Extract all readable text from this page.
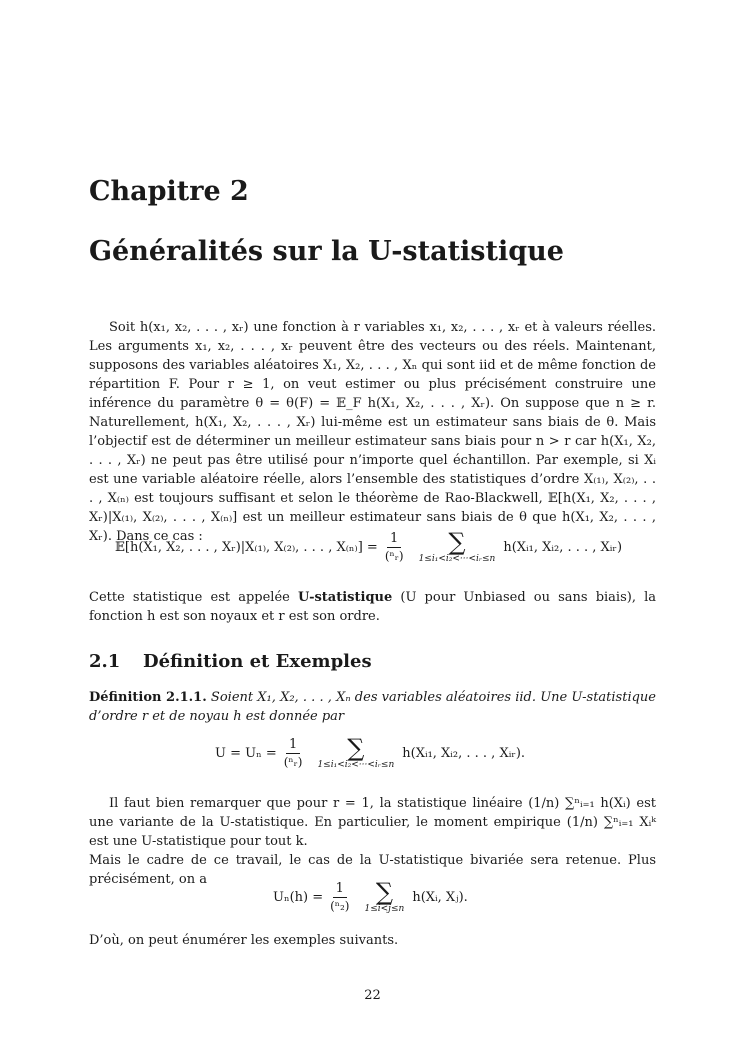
Chapitre 2
Généralités sur la U-statistique

Soit h(x₁, x₂, . . . , xᵣ) une fonction à r variables x₁, x₂, . . . , xᵣ et à valeurs réelles. Les arguments x₁, x₂, . . . , xᵣ peuvent être des vecteurs ou des réels. Maintenant, supposons des variables aléatoires X₁, X₂, . . . , Xₙ qui sont iid et de même fonction de répartition F. Pour r ≥ 1, on veut estimer ou plus précisément construire une inférence du paramètre θ = θ(F) = 𝔼_F h(X₁, X₂, . . . , Xᵣ). On suppose que n ≥ r. Naturellement, h(X₁, X₂, . . . , Xᵣ) lui-même est un estimateur sans biais de θ. Mais l’objectif est de déterminer un meilleur estimateur sans biais pour n > r car h(X₁, X₂, . . . , Xᵣ) ne peut pas être utilisé pour n’importe quel échantillon. Par exemple, si Xᵢ est une variable aléatoire réelle, alors l’ensemble des statistiques d’ordre X₍₁₎, X₍₂₎, . . . , X₍ₙ₎ est toujours suffisant et selon le théorème de Rao-Blackwell, 𝔼[h(X₁, X₂, . . . , Xᵣ)|X₍₁₎, X₍₂₎, . . . , X₍ₙ₎] est un meilleur estimateur sans biais de θ que h(X₁, X₂, . . . , Xᵣ). Dans ce cas :

𝔼[h(X₁, X₂, . . . , Xᵣ)|X₍₁₎, X₍₂₎, . . . , $X_{(n)}] = \frac{1}{\text{(ⁿᵣ)}}$ ∑
1≤i₁<i₂<···<iᵣ≤n
h(Xᵢ₁, Xᵢ₂, . . . , Xᵢᵣ)

Cette statistique est appelée U-statistique (U pour Unbiased ou sans biais), la fonction h est son noyaux et r est son ordre.

2.1 Définition et Exemples

Définition 2.1.1. Soient X₁, X₂, . . . , Xₙ des variables aléatoires iid. Une U-statistique d’ordre r et de noyau h est donnée par

$U = U_n = \frac{1}{\text{(ⁿᵣ)}}$ ∑
1≤i₁<i₂<···<iᵣ≤n
h(Xᵢ₁, Xᵢ₂, . . . , Xᵢᵣ).

Il faut bien remarquer que pour r = 1, la statistique linéaire (1/n) ∑ⁿᵢ₌₁ h(Xᵢ) est une variante de la U-statistique. En particulier, le moment empirique (1/n) ∑ⁿᵢ₌₁ Xᵢᵏ est une U-statistique pour tout k.

Mais le cadre de ce travail, le cas de la U-statistique bivariée sera retenue. Plus précisément, on a

$U_n(h) = \frac{1}{\text{(ⁿ₂)}}$ ∑
1≤i<j≤n
h(Xᵢ, Xⱼ).

D’où, on peut énumérer les exemples suivants.

22
